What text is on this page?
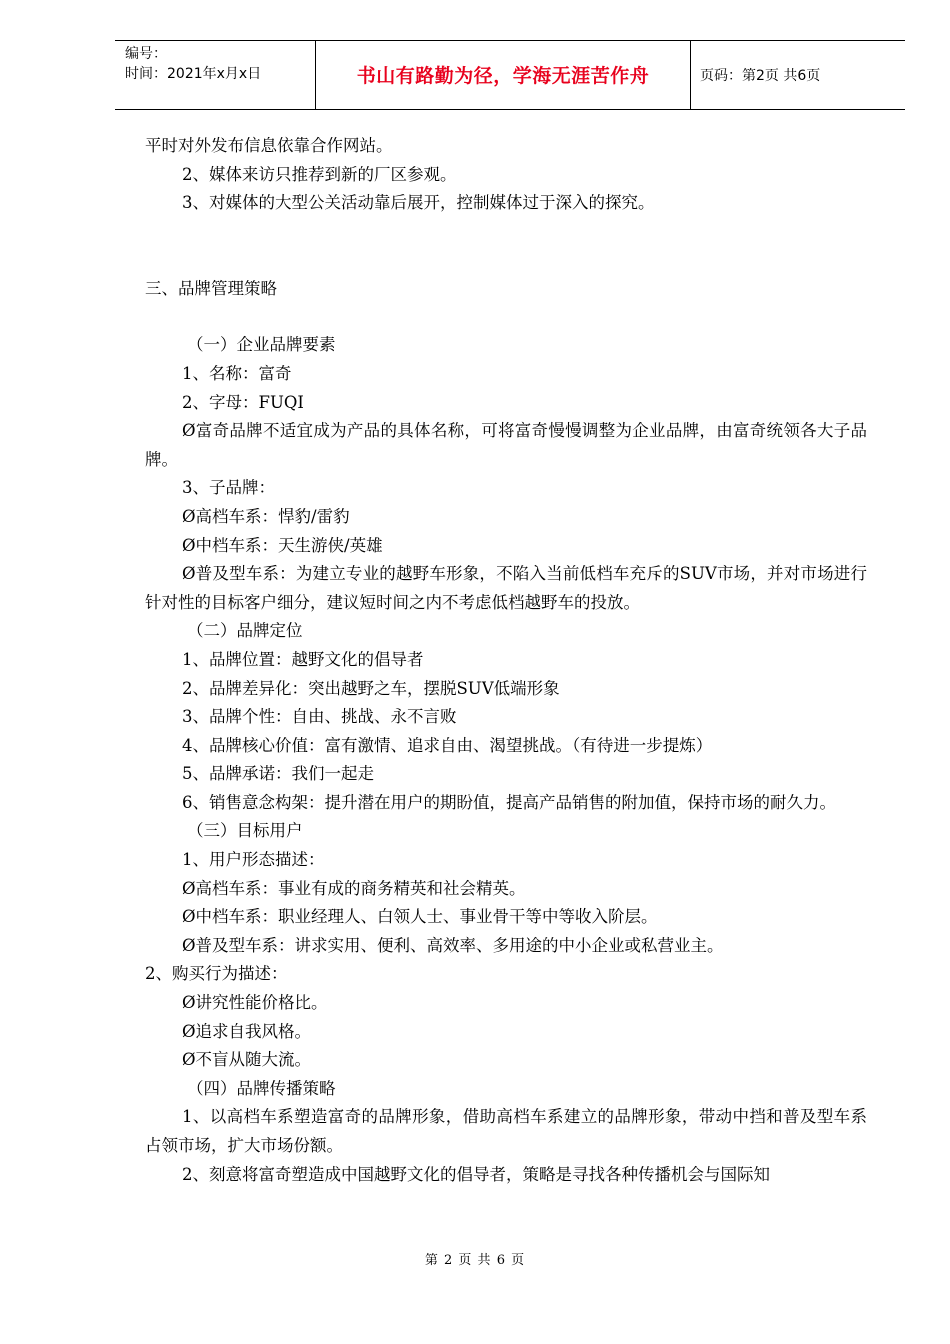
编号：
时间：2021年x月x日	书山有路勤为径，学海无涯苦作舟	页码：第2页 共6页

平时对外发布信息依靠合作网站。

2、媒体来访只推荐到新的厂区参观。

3、对媒体的大型公关活动靠后展开，控制媒体过于深入的探究。

三、品牌管理策略

（一）企业品牌要素

1、名称：富奇

2、字母：FUQI

Ø富奇品牌不适宜成为产品的具体名称，可将富奇慢慢调整为企业品牌，由富奇统领各大子品牌。

3、子品牌：

Ø高档车系：悍豹/雷豹

Ø中档车系：天生游侠/英雄

Ø普及型车系：为建立专业的越野车形象，不陷入当前低档车充斥的SUV市场，并对市场进行针对性的目标客户细分，建议短时间之内不考虑低档越野车的投放。

（二）品牌定位

1、品牌位置：越野文化的倡导者

2、品牌差异化：突出越野之车，摆脱SUV低端形象

3、品牌个性：自由、挑战、永不言败

4、品牌核心价值：富有激情、追求自由、渴望挑战。（有待进一步提炼）

5、品牌承诺：我们一起走

6、销售意念构架：提升潜在用户的期盼值，提高产品销售的附加值，保持市场的耐久力。

（三）目标用户

1、用户形态描述：

Ø高档车系：事业有成的商务精英和社会精英。

Ø中档车系：职业经理人、白领人士、事业骨干等中等收入阶层。

Ø普及型车系：讲求实用、便利、高效率、多用途的中小企业或私营业主。

2、购买行为描述：

Ø讲究性能价格比。

Ø追求自我风格。

Ø不盲从随大流。

（四）品牌传播策略

1、以高档车系塑造富奇的品牌形象，借助高档车系建立的品牌形象，带动中挡和普及型车系占领市场，扩大市场份额。

2、刻意将富奇塑造成中国越野文化的倡导者，策略是寻找各种传播机会与国际知

第 2 页 共 6 页
